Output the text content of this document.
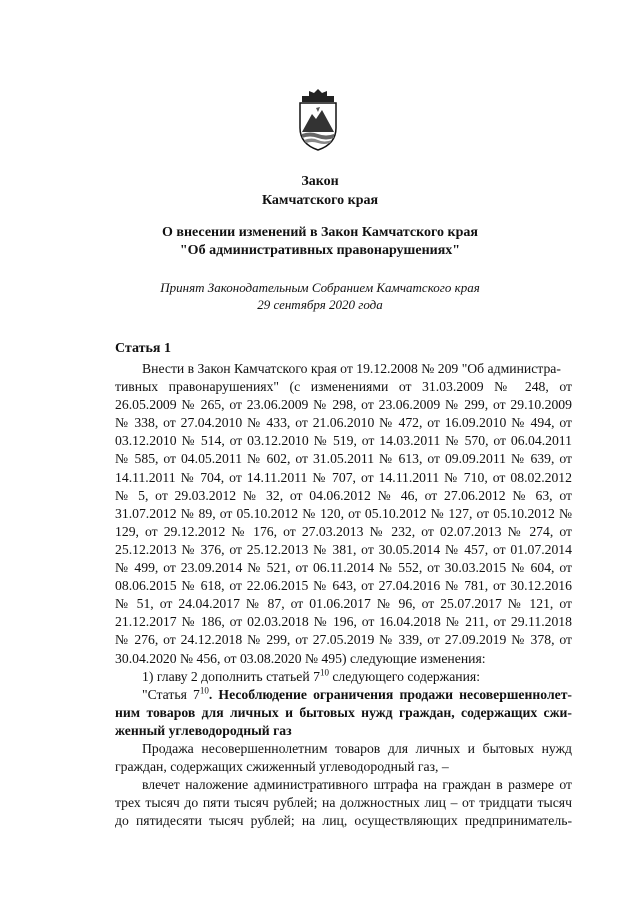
Закон
Камчатского края
О внесении изменений в Закон Камчатского края
"Об административных правонарушениях"
Принят Законодательным Собранием Камчатского края
29 сентября 2020 года
Статья 1
Внести в Закон Камчатского края от 19.12.2008 № 209 "Об администра-
тивных правонарушениях" (с изменениями от 31.03.2009 № 248, от
26.05.2009 № 265, от 23.06.2009 № 298, от 23.06.2009 № 299, от 29.10.2009
№ 338, от 27.04.2010 № 433, от 21.06.2010 № 472, от 16.09.2010 № 494, от
03.12.2010 № 514, от 03.12.2010 № 519, от 14.03.2011 № 570, от 06.04.2011
№ 585, от 04.05.2011 № 602, от 31.05.2011 № 613, от 09.09.2011 № 639, от
14.11.2011 № 704, от 14.11.2011 № 707, от 14.11.2011 № 710, от 08.02.2012
№ 5, от 29.03.2012 № 32, от 04.06.2012 № 46, от 27.06.2012 № 63, от
31.07.2012 № 89, от 05.10.2012 № 120, от 05.10.2012 № 127, от 05.10.2012 №
129, от 29.12.2012 № 176, от 27.03.2013 № 232, от 02.07.2013 № 274, от
25.12.2013 № 376, от 25.12.2013 № 381, от 30.05.2014 № 457, от 01.07.2014
№ 499, от 23.09.2014 № 521, от 06.11.2014 № 552, от 30.03.2015 № 604, от
08.06.2015 № 618, от 22.06.2015 № 643, от 27.04.2016 № 781, от 30.12.2016
№ 51, от 24.04.2017 № 87, от 01.06.2017 № 96, от 25.07.2017 № 121, от
21.12.2017 № 186, от 02.03.2018 № 196, от 16.04.2018 № 211, от 29.11.2018
№ 276, от 24.12.2018 № 299, от 27.05.2019 № 339, от 27.09.2019 № 378, от
30.04.2020 № 456, от 03.08.2020 № 495) следующие изменения:
1) главу 2 дополнить статьей $7^{10}$ следующего содержания:
"Статья $7^{10}$. Несоблюдение ограничения продажи несовершеннолет-
ним товаров для личных и бытовых нужд граждан, содержащих сжи-
женный углеводородный газ
Продажа несовершеннолетним товаров для личных и бытовых нужд
граждан, содержащих сжиженный углеводородный газ, –
влечет наложение административного штрафа на граждан в размере от
трех тысяч до пяти тысяч рублей; на должностных лиц – от тридцати тысяч
до пятидесяти тысяч рублей; на лиц, осуществляющих предприниматель-
